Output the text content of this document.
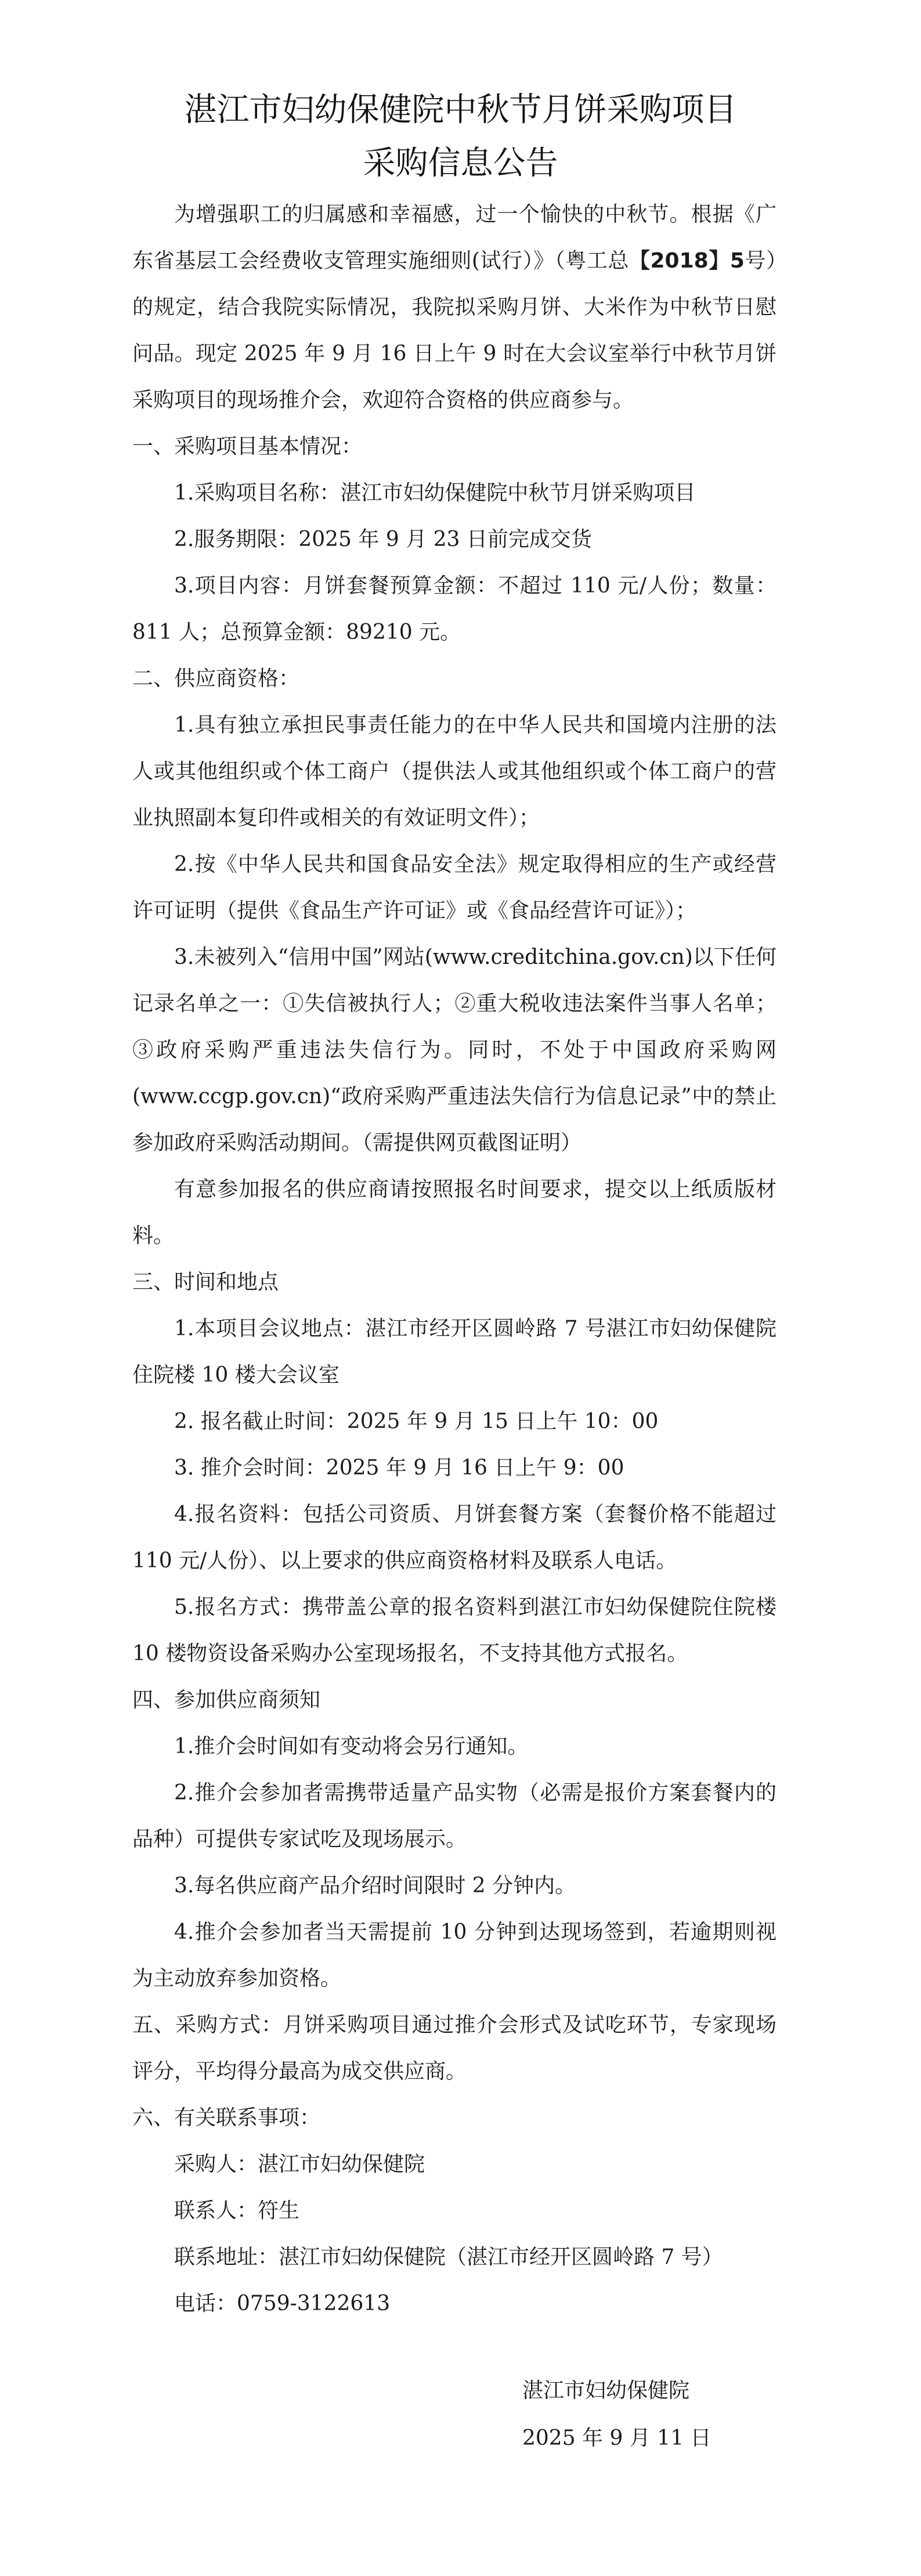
湛江市妇幼保健院中秋节月饼采购项目
采购信息公告

为增强职工的归属感和幸福感，过一个愉快的中秋节。根据《广东省基层工会经费收支管理实施细则(试行）》（粤工总【2018】5号）的规定，结合我院实际情况，我院拟采购月饼、大米作为中秋节日慰问品。现定 2025 年 9 月 16 日上午 9 时在大会议室举行中秋节月饼采购项目的现场推介会，欢迎符合资格的供应商参与。

一、采购项目基本情况：

1.采购项目名称：湛江市妇幼保健院中秋节月饼采购项目

2.服务期限：2025 年 9 月 23 日前完成交货

3.项目内容：月饼套餐预算金额：不超过 110 元/人份；数量：811 人；总预算金额：89210 元。

二、供应商资格：

1.具有独立承担民事责任能力的在中华人民共和国境内注册的法人或其他组织或个体工商户（提供法人或其他组织或个体工商户的营业执照副本复印件或相关的有效证明文件）；

2.按《中华人民共和国食品安全法》规定取得相应的生产或经营许可证明（提供《食品生产许可证》或《食品经营许可证》）；

3.未被列入“信用中国”网站(www.creditchina.gov.cn)以下任何记录名单之一：①失信被执行人；②重大税收违法案件当事人名单；③政府采购严重违法失信行为。同时，不处于中国政府采购网(www.ccgp.gov.cn)“政府采购严重违法失信行为信息记录”中的禁止参加政府采购活动期间。（需提供网页截图证明）

有意参加报名的供应商请按照报名时间要求，提交以上纸质版材料。

三、时间和地点

1.本项目会议地点：湛江市经开区圆岭路 7 号湛江市妇幼保健院住院楼 10 楼大会议室

2. 报名截止时间：2025 年 9 月 15 日上午 10：00

3. 推介会时间：2025 年 9 月 16 日上午 9：00

4.报名资料：包括公司资质、月饼套餐方案（套餐价格不能超过 110 元/人份）、以上要求的供应商资格材料及联系人电话。

5.报名方式：携带盖公章的报名资料到湛江市妇幼保健院住院楼 10 楼物资设备采购办公室现场报名，不支持其他方式报名。

四、参加供应商须知

1.推介会时间如有变动将会另行通知。

2.推介会参加者需携带适量产品实物（必需是报价方案套餐内的品种）可提供专家试吃及现场展示。

3.每名供应商产品介绍时间限时 2 分钟内。

4.推介会参加者当天需提前 10 分钟到达现场签到，若逾期则视为主动放弃参加资格。

五、采购方式：月饼采购项目通过推介会形式及试吃环节，专家现场评分，平均得分最高为成交供应商。

六、有关联系事项：

采购人：湛江市妇幼保健院

联系人：符生

联系地址：湛江市妇幼保健院（湛江市经开区圆岭路 7 号）

电话：0759-3122613

湛江市妇幼保健院
2025 年 9 月 11 日
